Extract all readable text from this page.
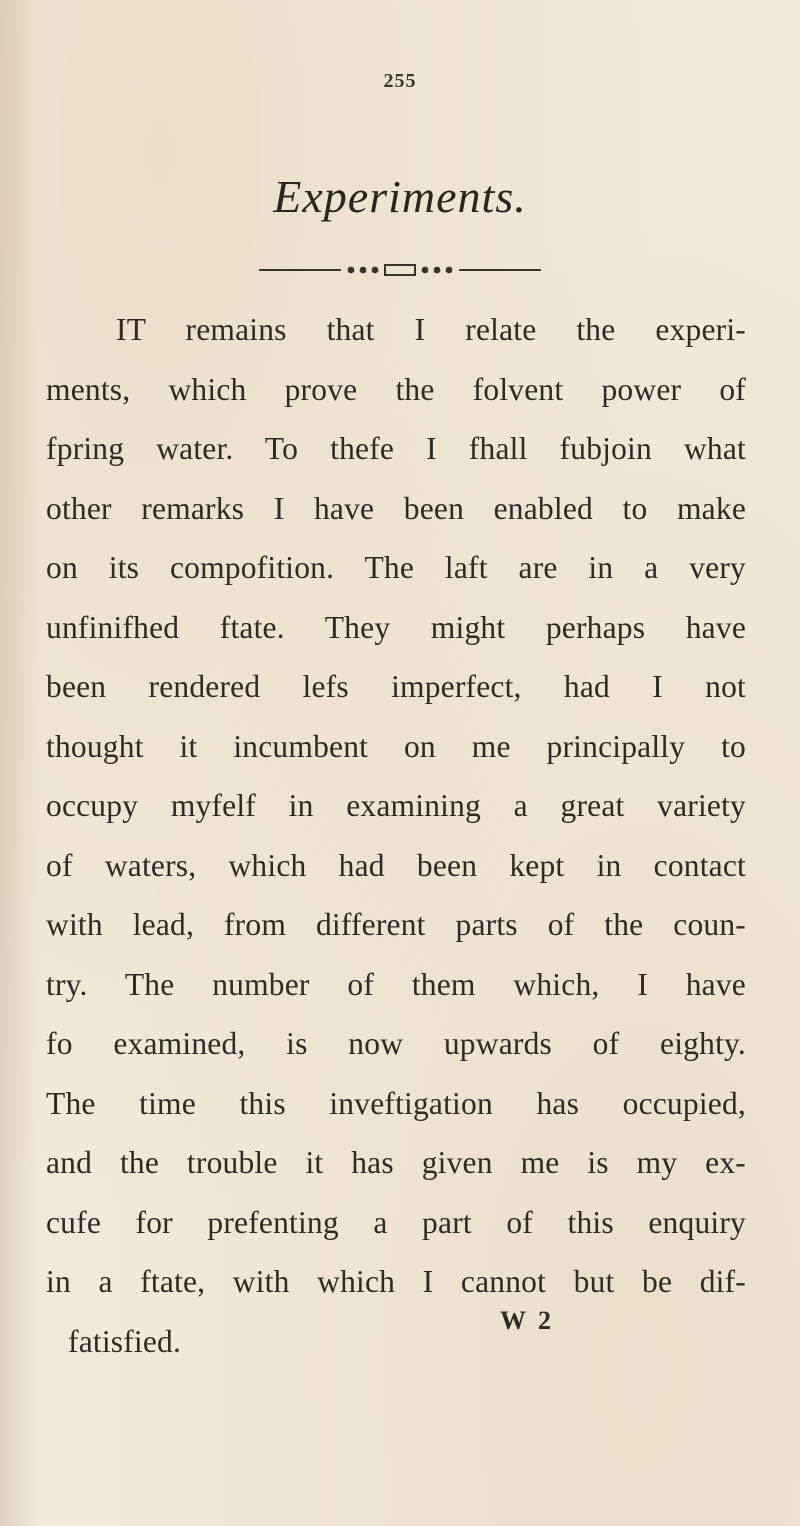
255
Experiments.
IT remains that I relate the experi-
ments, which prove the folvent power of
fpring water. To thefe I fhall fubjoin what
other remarks I have been enabled to make
on its compofition. The laft are in a very
unfinifhed ftate. They might perhaps have
been rendered lefs imperfect, had I not
thought it incumbent on me principally to
occupy myfelf in examining a great variety
of waters, which had been kept in contact
with lead, from different parts of the coun-
try. The number of them which, I have
fo examined, is now upwards of eighty.
The time this inveftigation has occupied,
and the trouble it has given me is my ex-
cufe for prefenting a part of this enquiry
in a ftate, with which I cannot but be dif-
fatisfied.
W 2
